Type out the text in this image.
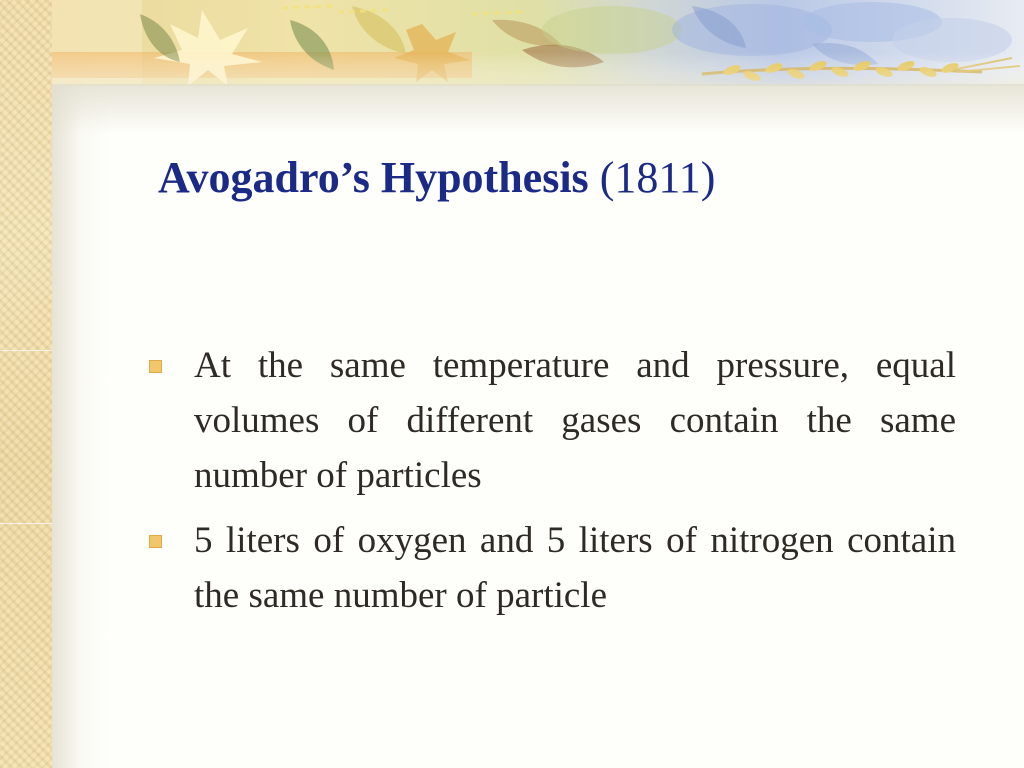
Avogadro’s Hypothesis (1811)
At the same temperature and pressure, equal volumes of different gases contain the same number of particles
5 liters of oxygen and 5 liters of nitrogen contain the same number of particle
